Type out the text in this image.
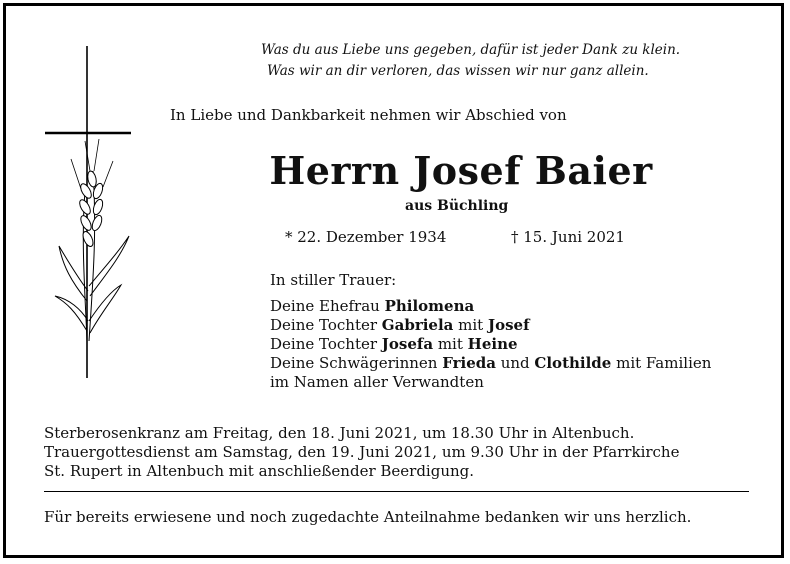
Was du aus Liebe uns gegeben, dafür ist jeder Dank zu klein.
Was wir an dir verloren, das wissen wir nur ganz allein.
In Liebe und Dankbarkeit nehmen wir Abschied von
Herrn Josef Baier
aus Büchling
* 22. Dezember 1934	† 15. Juni 2021
In stiller Trauer:
Deine Ehefrau Philomena
Deine Tochter Gabriela mit Josef
Deine Tochter Josefa mit Heine
Deine Schwägerinnen Frieda und Clothilde mit Familien
im Namen aller Verwandten
Sterberosenkranz am Freitag, den 18. Juni 2021, um 18.30 Uhr in Altenbuch.
Trauergottesdienst am Samstag, den 19. Juni 2021, um 9.30 Uhr in der Pfarrkirche
St. Rupert in Altenbuch mit anschließender Beerdigung.
Für bereits erwiesene und noch zugedachte Anteilnahme bedanken wir uns herzlich.
